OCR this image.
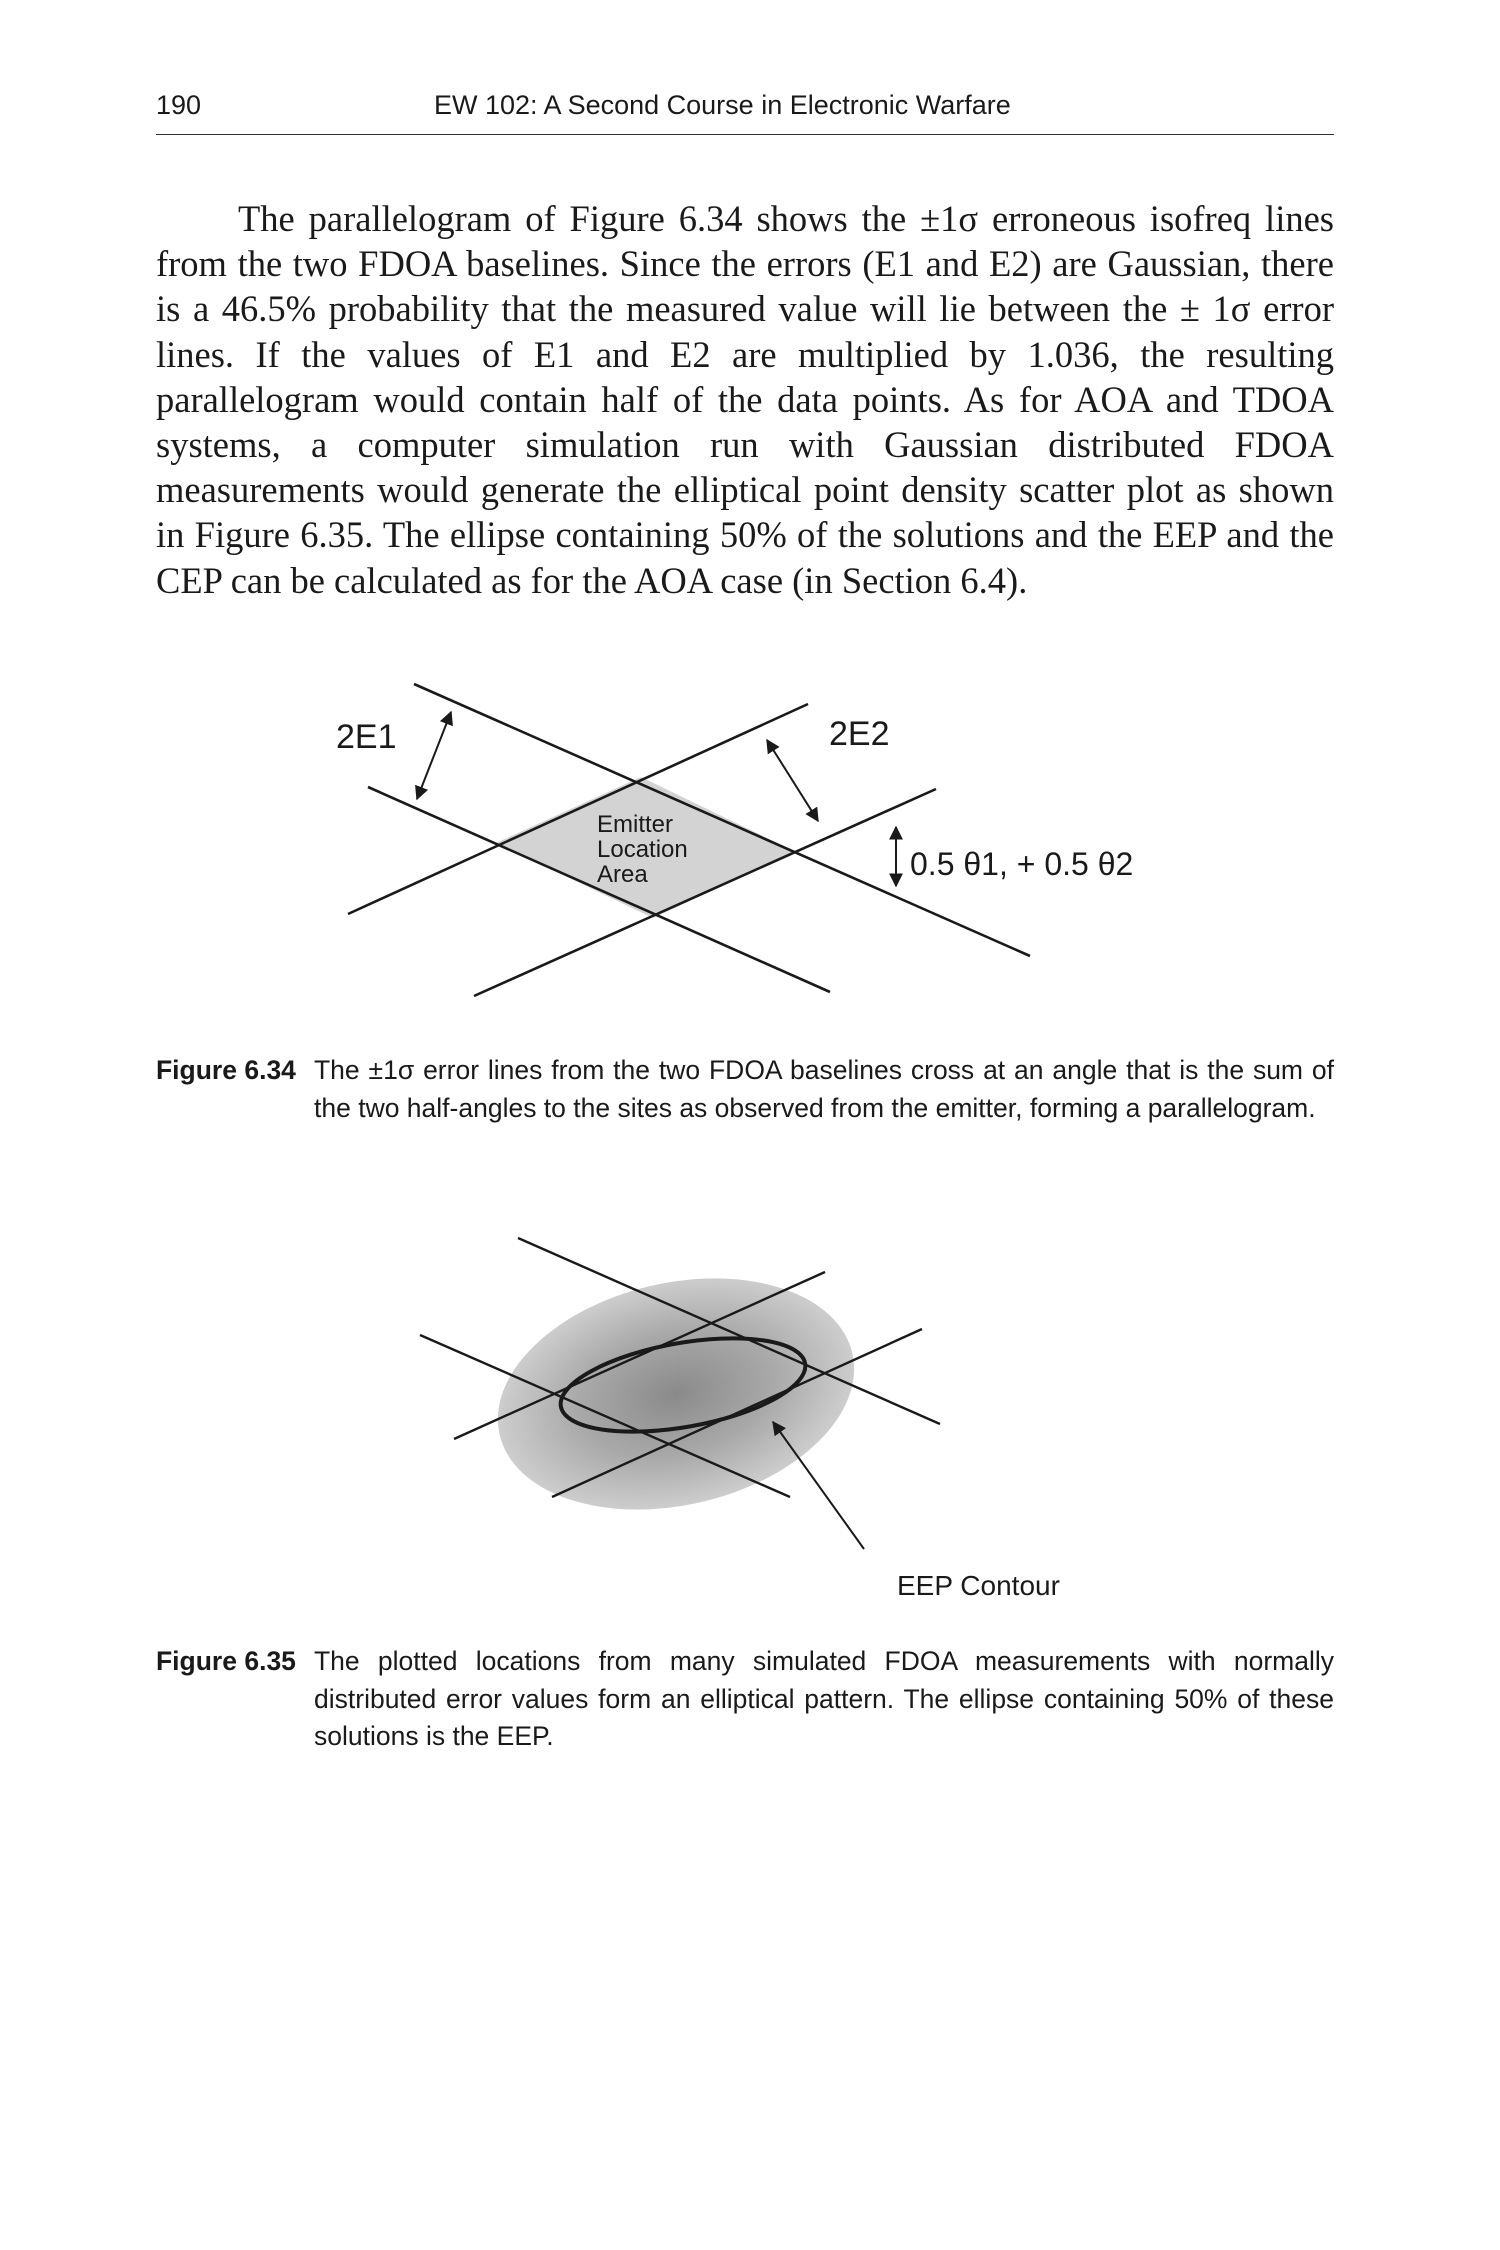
190	EW 102: A Second Course in Electronic Warfare

The parallelogram of Figure 6.34 shows the ±1σ erroneous isofreq lines from the two FDOA baselines. Since the errors (E1 and E2) are Gaussian, there is a 46.5% probability that the measured value will lie between the ± 1σ error lines. If the values of E1 and E2 are multiplied by 1.036, the resulting parallelogram would contain half of the data points. As for AOA and TDOA systems, a computer simulation run with Gaussian distributed FDOA measurements would generate the elliptical point density scatter plot as shown in Figure 6.35. The ellipse containing 50% of the solutions and the EEP and the CEP can be calculated as for the AOA case (in Section 6.4).

2E1	2E2
Emitter
Location
Area	0.5 θ1, + 0.5 θ2
EEP Contour
Figure 6.34 The ±1σ error lines from the two FDOA baselines cross at an angle that is the sum of the two half-angles to the sites as observed from the emitter, forming a parallelogram.
Figure 6.35 The plotted locations from many simulated FDOA measurements with normally distributed error values form an elliptical pattern. The ellipse containing 50% of these solutions is the EEP.
